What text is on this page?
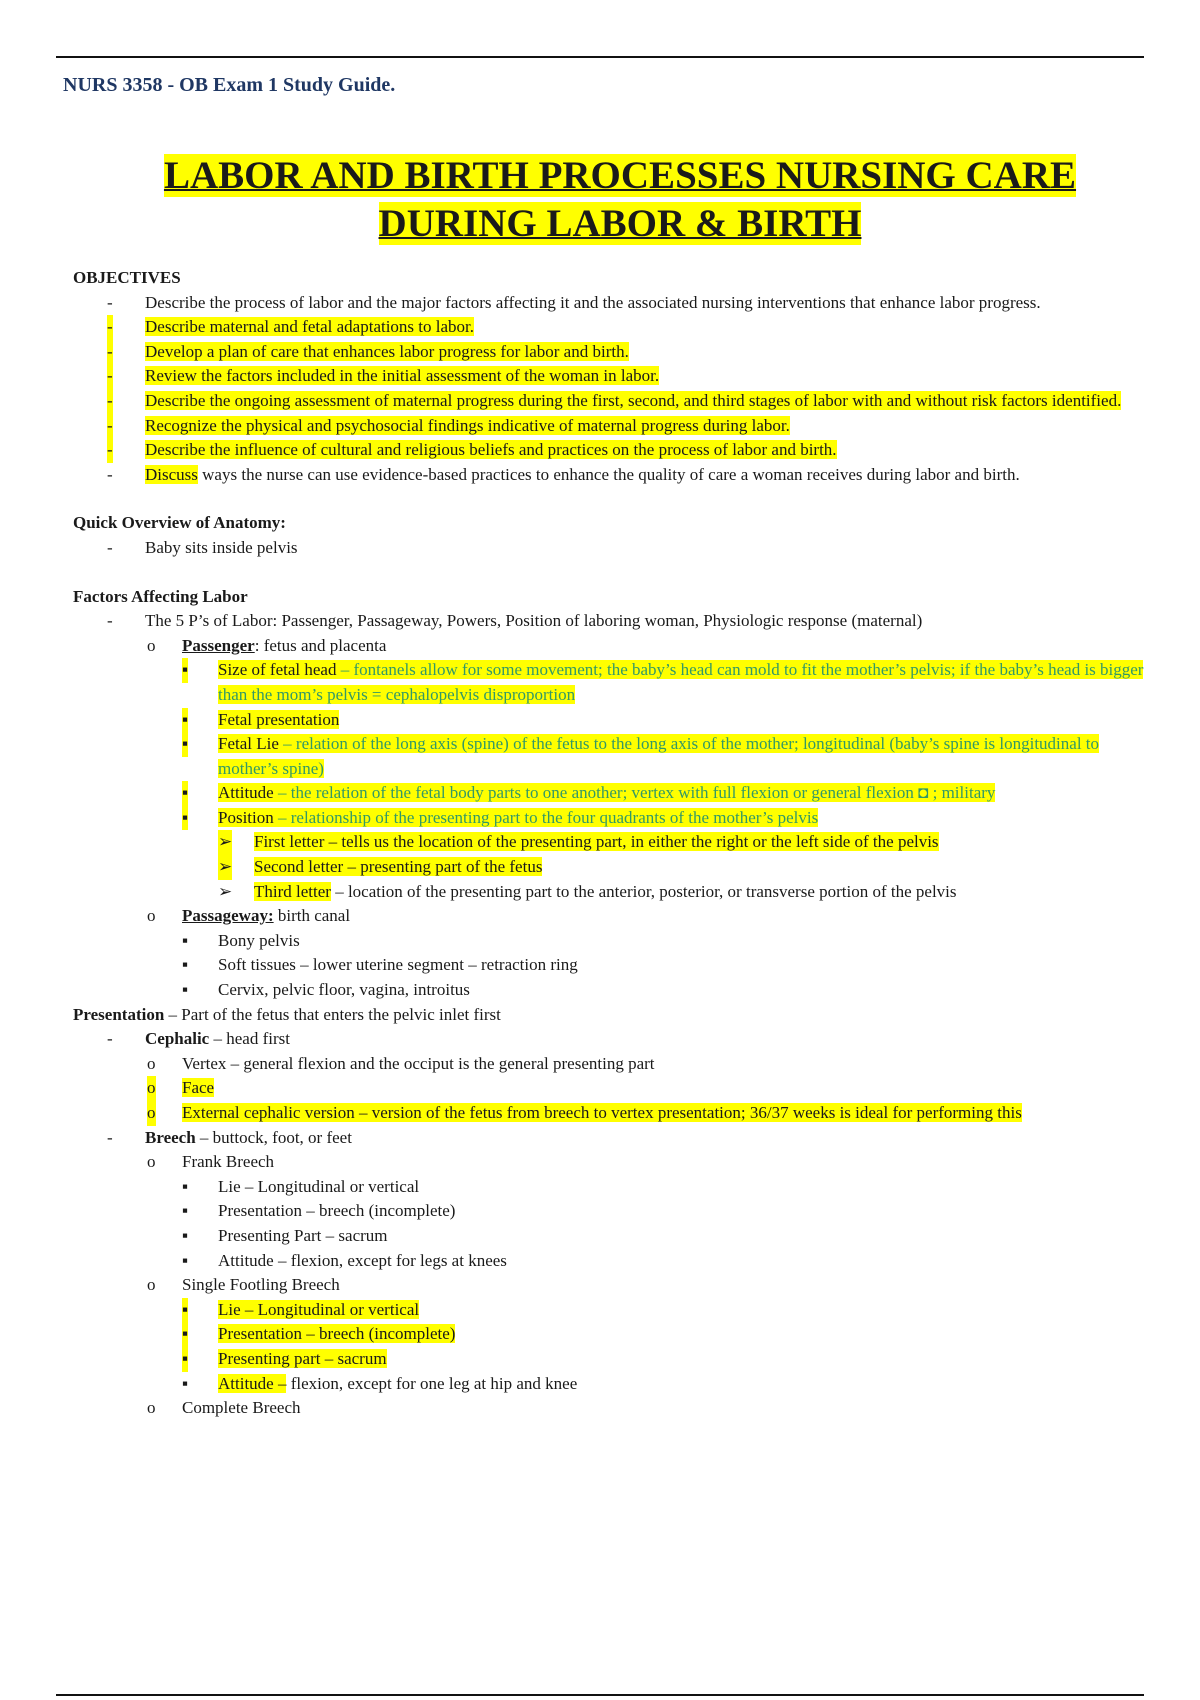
NURS 3358 - OB Exam 1 Study Guide.
LABOR AND BIRTH PROCESSES NURSING CARE
DURING LABOR & BIRTH
OBJECTIVES
- Describe the process of labor and the major factors affecting it and the associated nursing interventions that enhance labor progress.
- Describe maternal and fetal adaptations to labor.
- Develop a plan of care that enhances labor progress for labor and birth.
- Review the factors included in the initial assessment of the woman in labor.
- Describe the ongoing assessment of maternal progress during the first, second, and third stages of labor with and without risk factors identified.
- Recognize the physical and psychosocial findings indicative of maternal progress during labor.
- Describe the influence of cultural and religious beliefs and practices on the process of labor and birth.
- Discuss ways the nurse can use evidence-based practices to enhance the quality of care a woman receives during labor and birth.
Quick Overview of Anatomy:
- Baby sits inside pelvis
Factors Affecting Labor
- The 5 P’s of Labor: Passenger, Passageway, Powers, Position of laboring woman, Physiologic response (maternal)
o Passenger: fetus and placenta
▪ Size of fetal head – fontanels allow for some movement; the baby’s head can mold to fit the mother’s pelvis; if the baby’s head is bigger than the mom’s pelvis = cephalopelvis disproportion
▪ Fetal presentation
▪ Fetal Lie – relation of the long axis (spine) of the fetus to the long axis of the mother; longitudinal (baby’s spine is longitudinal to mother’s spine)
▪ Attitude – the relation of the fetal body parts to one another; vertex with full flexion or general flexion ◘ ; military
▪ Position – relationship of the presenting part to the four quadrants of the mother’s pelvis
➢ First letter – tells us the location of the presenting part, in either the right or the left side of the pelvis
➢ Second letter – presenting part of the fetus
➢ Third letter – location of the presenting part to the anterior, posterior, or transverse portion of the pelvis
o Passageway: birth canal
▪ Bony pelvis
▪ Soft tissues – lower uterine segment – retraction ring
▪ Cervix, pelvic floor, vagina, introitus
Presentation – Part of the fetus that enters the pelvic inlet first
- Cephalic – head first
o Vertex – general flexion and the occiput is the general presenting part
o Face
o External cephalic version – version of the fetus from breech to vertex presentation; 36/37 weeks is ideal for performing this
- Breech – buttock, foot, or feet
o Frank Breech
▪ Lie – Longitudinal or vertical
▪ Presentation – breech (incomplete)
▪ Presenting Part – sacrum
▪ Attitude – flexion, except for legs at knees
o Single Footling Breech
▪ Lie – Longitudinal or vertical
▪ Presentation – breech (incomplete)
▪ Presenting part – sacrum
▪ Attitude – flexion, except for one leg at hip and knee
o Complete Breech
